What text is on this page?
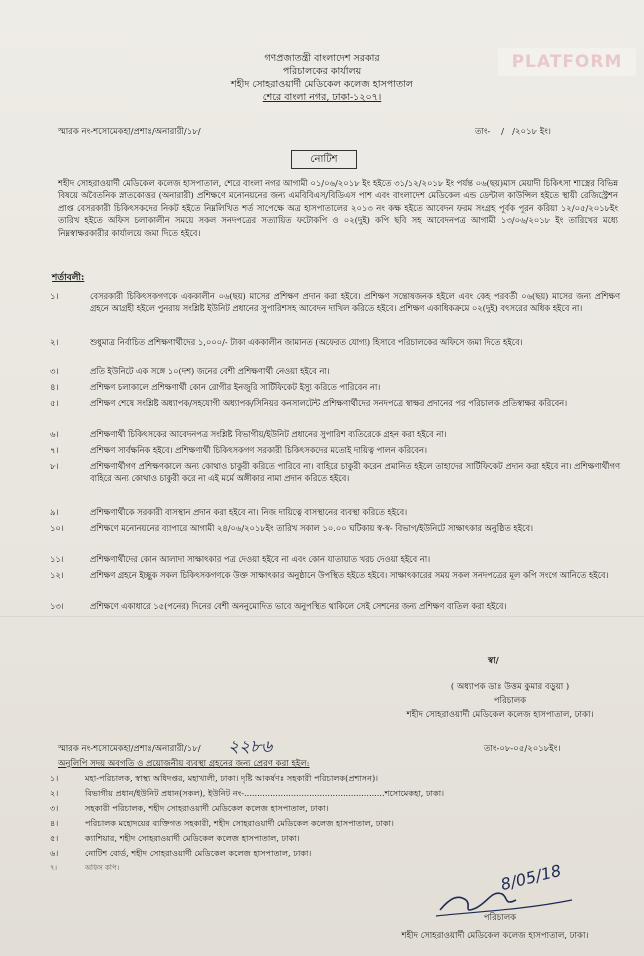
PLATFORM
গণপ্রজাতন্ত্রী বাংলাদেশ সরকার
পরিচালকের কার্যালয়
শহীদ সোহরাওয়ার্দী মেডিকেল কলেজ হাসপাতাল
শেরে বাংলা নগর, ঢাকা-১২০৭।
স্মারক নং-শসোমেকহা/প্রশাঃ/অনারারী/১৮/	তাং-    /   /২০১৮ ইং।
নোটিশ
শহীদ সোহরাওয়ার্দী মেডিকেল কলেজ হাসপাতাল, শেরে বাংলা নগর আগামী ০১/০৬/২০১৮ ইং হইতে ৩১/১২/২০১৮ ইং পর্যন্ত ০৬(ছয়)মাস মেয়াদী চিকিৎসা শাস্ত্রের বিভিন্ন বিষয়ে অবৈতনিক স্নাতকোত্তর (অনারারী) প্রশিক্ষণে মনোনয়নের জন্য এমবিবিএস/বিডিএস পাশ এবং বাংলাদেশ মেডিকেল এন্ড ডেন্টাল কাউন্সিল হইতে স্থায়ী রেজিস্ট্রেশন প্রাপ্ত বেসরকারী চিকিৎসকদের নিকট হইতে নিম্নলিখিত শর্ত সাপেক্ষে অত্র হাসপাতালের ২০১৩ নং কক্ষ হইতে আবেদন ফরম সংগ্রহ পূর্বক পূরন করিয়া ১২/০৫/২০১৮ইং তারিখ হইতে অফিস চলাকালীন সময়ে সকল সনদপত্রের সত্যায়িত ফটোকপি ও ০২(দুই) কপি ছবি সহ আবেদনপত্র আগামী ১৩/০৬/২০১৮ ইং তারিখের মধ্যে নিম্নস্বাক্ষরকারীর কার্যালয়ে জমা দিতে হইবে।
শর্তাবলী:
১।	বেসরকারী চিকিৎসকগণকে এককালীন ০৬(ছয়) মাসের প্রশিক্ষণ প্রদান করা হইবে। প্রশিক্ষণ সন্তোষজনক হইলে এবং কেহ পরবর্তী ০৬(ছয়) মাসের জন্য প্রশিক্ষণ গ্রহনে আগ্রহী হইলে পুনরায় সংশ্লিষ্ট ইউনিট প্রধানের সুপারিশসহ আবেদন দাখিল করিতে হইবে। প্রশিক্ষণ একাধিকক্রমে ০২(দুই) বৎসরের অধিক হইবে না।
২।	শুধুমাত্র নির্বাচিত প্রশিক্ষণার্থীদের ১,০০০/- টাকা এককালীন জামানত (অফেরত যোগ্য) হিসাবে পরিচালকের অফিসে জমা দিতে হইবে।
৩।	প্রতি ইউনিটে এক সঙ্গে ১০(দশ) জনের বেশী প্রশিক্ষণার্থী নেওয়া হইবে না।
৪।	প্রশিক্ষণ চলাকালে প্রশিক্ষণার্থী কোন রোগীর ইনজুরি সার্টিফিকেট ইস্যু করিতে পারিবেন না।
৫।	প্রশিক্ষণ শেষে সংশ্লিষ্ট অধ্যাপক/সহযোগী অধ্যাপক/সিনিয়র কনসালটেন্ট প্রশিক্ষণার্থীদের সনদপত্রে স্বাক্ষর প্রদানের পর পরিচালক প্রতিস্বাক্ষর করিবেন।
৬।	প্রশিক্ষণার্থী চিকিৎসকের আবেদনপত্র সংশ্লিষ্ট বিভাগীয়/ইউনিট প্রধানের সুপারিশ ব্যতিরেকে গ্রহন করা হইবে না।
৭।	প্রশিক্ষণ সার্বক্ষনিক হইবে। প্রশিক্ষণার্থী চিকিৎসকগণ সরকারী চিকিৎসকদের মতোই দায়িত্ব পালন করিবেন।
৮।	প্রশিক্ষণার্থীগণ প্রশিক্ষণকালে অন্য কোথাও চাকুরী করিতে পারিবে না। বাহিরে চাকুরী করেন প্রমানিত হইলে তাহাদের সার্টিফিকেট প্রদান করা হইবে না। প্রশিক্ষণার্থীগণ বাহিরে অন্য কোথাও চাকুরী করে না এই মর্মে অঙ্গীকার নামা প্রদান করিতে হইবে।
৯।	প্রশিক্ষণার্থীকে সরকারী বাসস্থান প্রদান করা হইবে না। নিজ দায়িত্বে বাসস্থানের ব্যবস্থা করিতে হইবে।
১০।	প্রশিক্ষণে মনোনয়নের ব্যাপারে আগামী ২৪/০৬/২০১৮ইং তারিখ সকাল ১০.০০ ঘটিকায় স্ব-স্ব- বিভাগ/ইউনিটে সাক্ষাৎকার অনুষ্ঠিত হইবে।
১১।	প্রশিক্ষণার্থীদের কোন আলাদা সাক্ষাৎকার পত্র দেওয়া হইবে না এবং কোন যাতায়াত খরচ দেওয়া হইবে না।
১২।	প্রশিক্ষণ গ্রহনে ইচ্ছুক সকল চিকিৎসকগণকে উক্ত সাক্ষাৎকার অনুষ্ঠানে উপস্থিত হইতে হইবে। সাক্ষাৎকারের সময় সকল সনদপত্রের মূল কপি সংগে আনিতে হইবে।
১৩।	প্রশিক্ষণে একাধারে ১৫(পনের) দিনের বেশী অননুমোদিত ভাবে অনুপস্থিত থাকিলে সেই সেশনের জন্য প্রশিক্ষণ বাতিল করা হইবে।
স্বা/
( অধ্যাপক ডাঃ উত্তম কুমার বড়ুয়া )
পরিচালক
শহীদ সোহরাওয়ার্দী মেডিকেল কলেজ হাসপাতাল, ঢাকা।
স্মারক নং-শসোমেকহা/প্রশাঃ/অনারারী/১৮/ ২২৮৬	তাং-০৮-০৫/২০১৮ইং।
অনুলিপি সদয় অবগতি ও প্রয়োজনীয় ব্যবস্থা গ্রহনের জন্য প্রেরণ করা হইল:
১।	মহা-পরিচালক, স্বাস্থ্য অধিদপ্তর, মহাখালী, ঢাকা। দৃষ্টি আকর্ষণঃ সহকারী পরিচালক(প্রশাসন)।
২।	বিভাগীয় প্রধান/ইউনিট প্রধান(সকল), ইউনিট নং-......................................................শসোমেকহা, ঢাকা।
৩।	সহকারী পরিচালক, শহীদ সোহরাওয়ার্দী মেডিকেল কলেজ হাসপাতাল, ঢাকা।
৪।	পরিচালক মহোদয়ের ব্যক্তিগত সহকারী, শহীদ সোহরাওয়ার্দী মেডিকেল কলেজ হাসপাতাল, ঢাকা।
৫।	ক্যাশিয়ার, শহীদ সোহরাওয়ার্দী মেডিকেল কলেজ হাসপাতাল, ঢাকা।
৬।	নোটিশ বোর্ড, শহীদ সোহরাওয়ার্দী মেডিকেল কলেজ হাসপাতাল, ঢাকা।
৭।	অফিস কপি।	8/05/18
পরিচালক
শহীদ সোহরাওয়ার্দী মেডিকেল কলেজ হাসপাতাল, ঢাকা।
